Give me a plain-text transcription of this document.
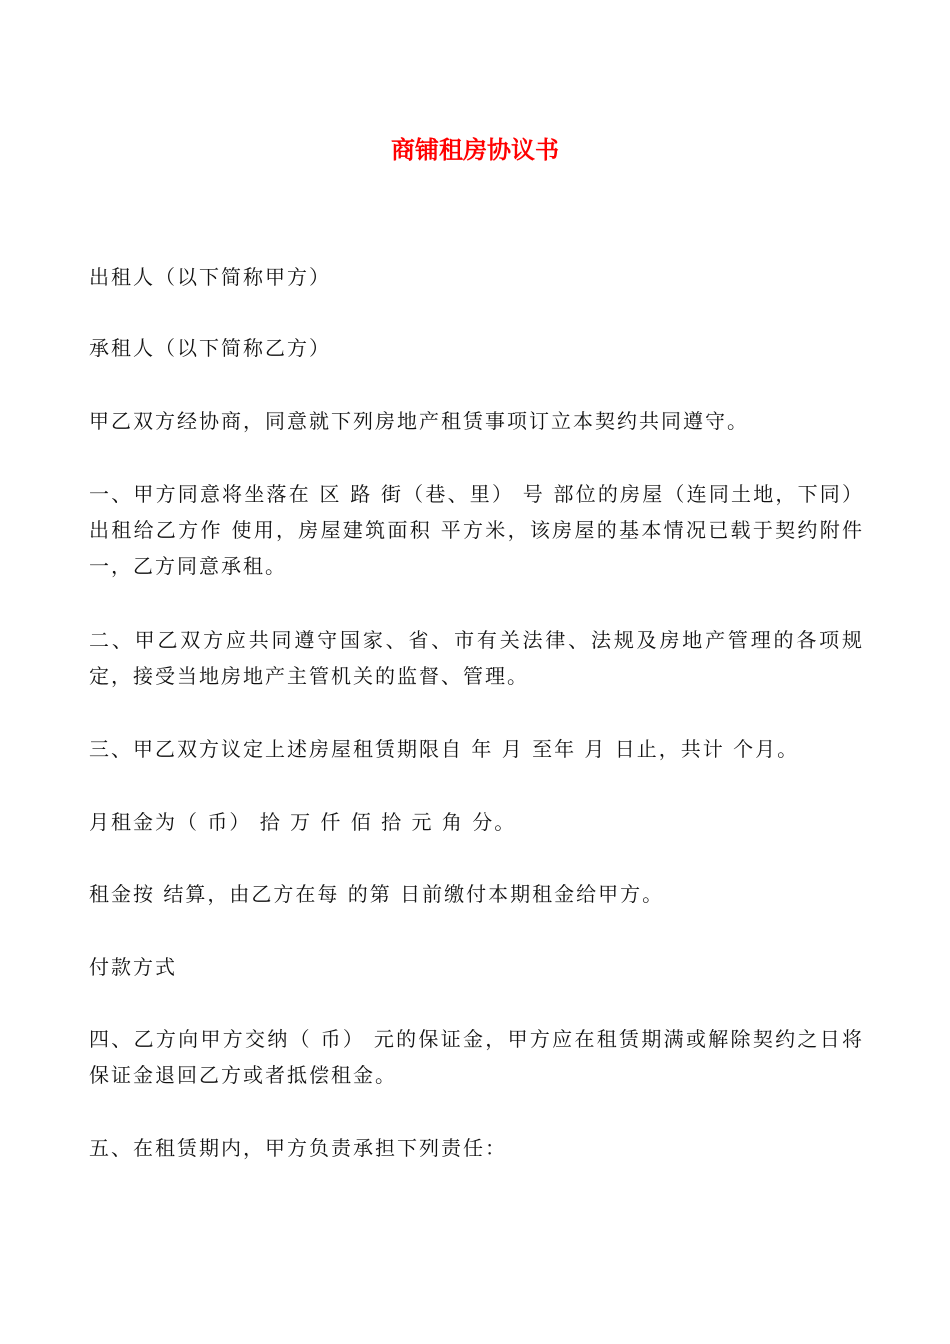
商铺租房协议书

出租人（以下简称甲方）

承租人（以下简称乙方）

甲乙双方经协商，同意就下列房地产租赁事项订立本契约共同遵守。

一、甲方同意将坐落在 区 路 街（巷、里） 号 部位的房屋（连同土地，下同）出租给乙方作 使用，房屋建筑面积 平方米，该房屋的基本情况已载于契约附件一，乙方同意承租。

二、甲乙双方应共同遵守国家、省、市有关法律、法规及房地产管理的各项规定，接受当地房地产主管机关的监督、管理。

三、甲乙双方议定上述房屋租赁期限自 年 月 至年 月 日止，共计 个月。

月租金为（ 币） 拾 万 仟 佰 拾 元 角 分。

租金按 结算，由乙方在每 的第 日前缴付本期租金给甲方。

付款方式

四、乙方向甲方交纳（ 币） 元的保证金，甲方应在租赁期满或解除契约之日将保证金退回乙方或者抵偿租金。

五、在租赁期内，甲方负责承担下列责任：
